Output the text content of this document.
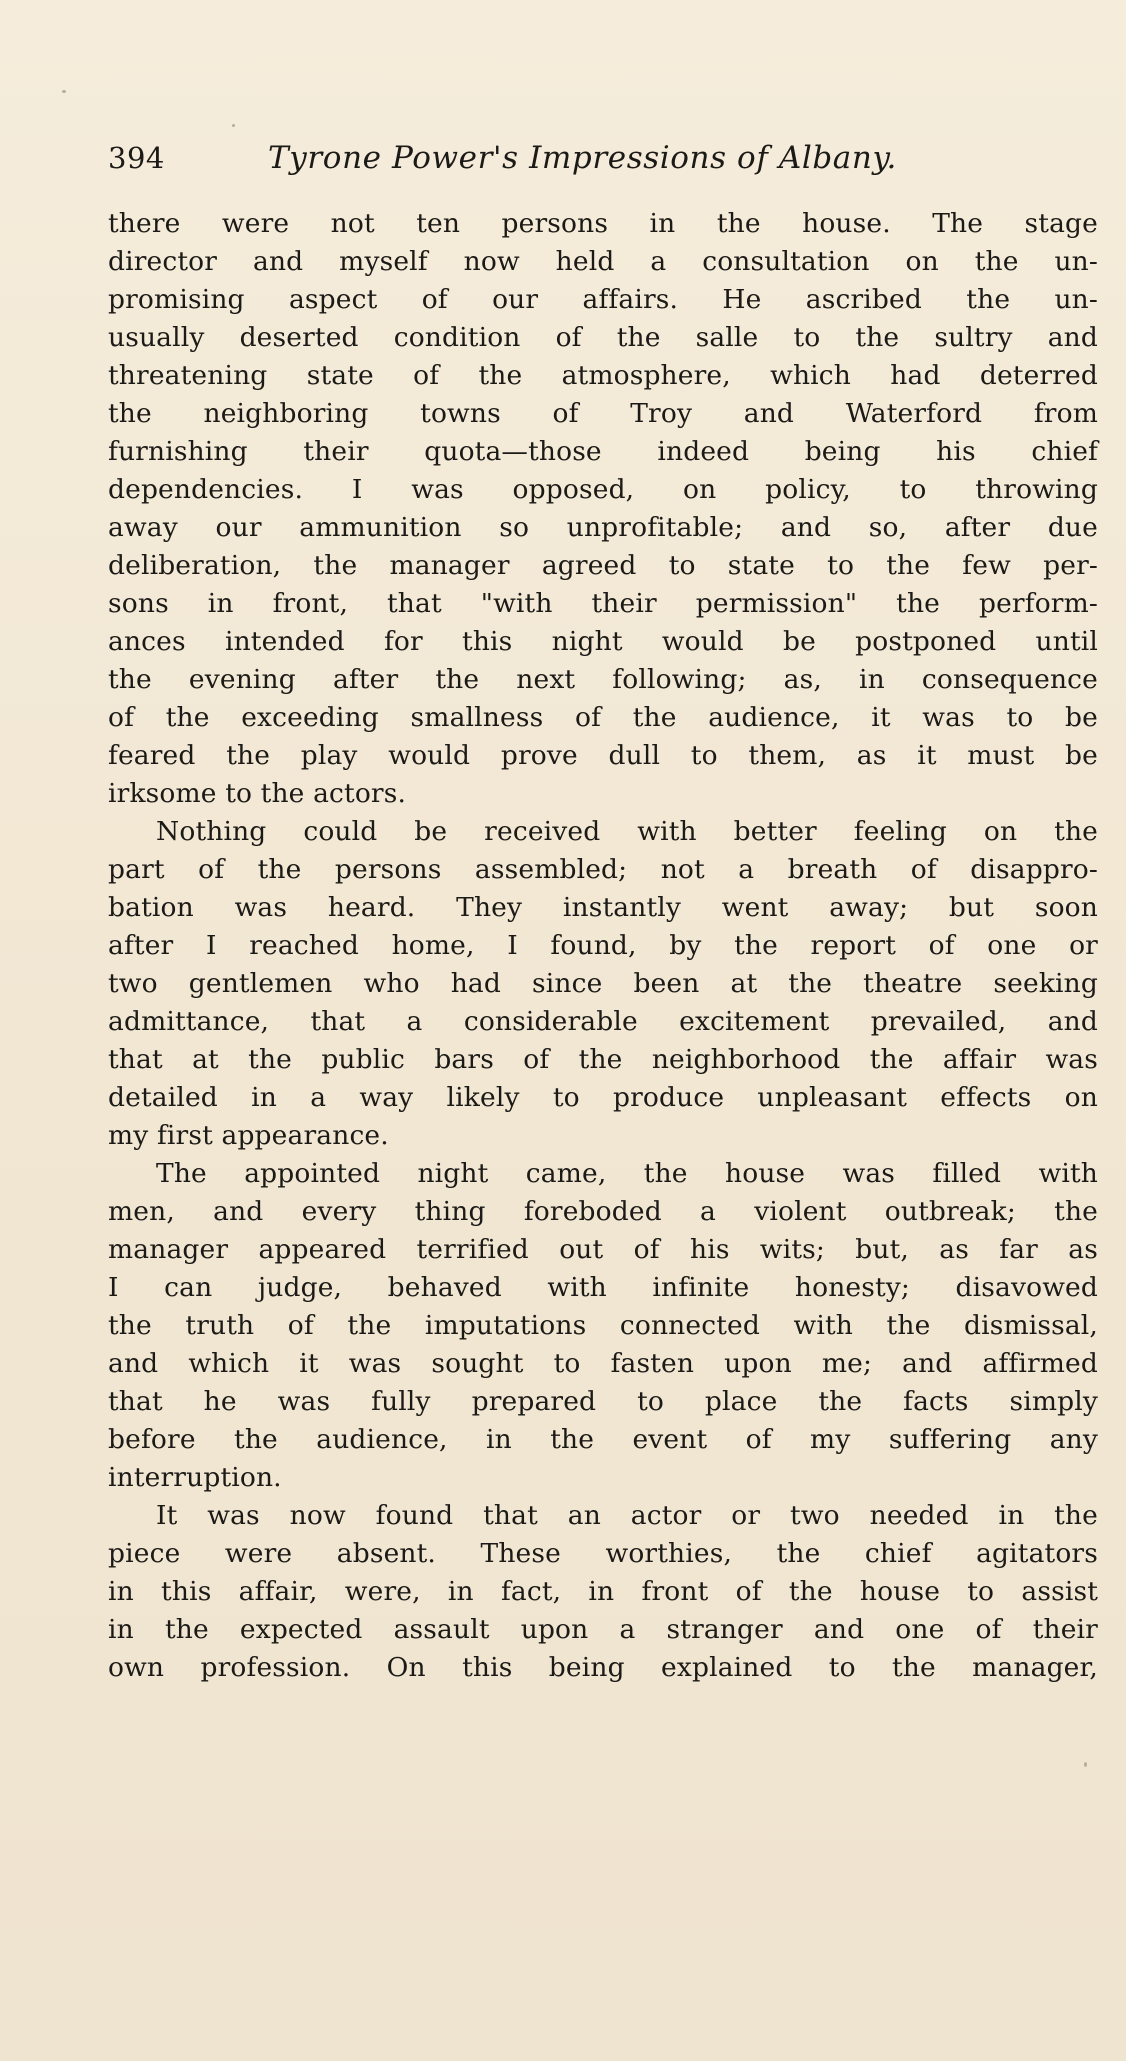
394	Tyrone Power's Impressions of Albany.
there were not ten persons in the house. The stage
director and myself now held a consultation on the un-
promising aspect of our affairs. He ascribed the un-
usually deserted condition of the salle to the sultry and
threatening state of the atmosphere, which had deterred
the neighboring towns of Troy and Waterford from
furnishing their quota—those indeed being his chief
dependencies. I was opposed, on policy, to throwing
away our ammunition so unprofitable; and so, after due
deliberation, the manager agreed to state to the few per-
sons in front, that "with their permission" the perform-
ances intended for this night would be postponed until
the evening after the next following; as, in consequence
of the exceeding smallness of the audience, it was to be
feared the play would prove dull to them, as it must be
irksome to the actors.
Nothing could be received with better feeling on the
part of the persons assembled; not a breath of disappro-
bation was heard. They instantly went away; but soon
after I reached home, I found, by the report of one or
two gentlemen who had since been at the theatre seeking
admittance, that a considerable excitement prevailed, and
that at the public bars of the neighborhood the affair was
detailed in a way likely to produce unpleasant effects on
my first appearance.
The appointed night came, the house was filled with
men, and every thing foreboded a violent outbreak; the
manager appeared terrified out of his wits; but, as far as
I can judge, behaved with infinite honesty; disavowed
the truth of the imputations connected with the dismissal,
and which it was sought to fasten upon me; and affirmed
that he was fully prepared to place the facts simply
before the audience, in the event of my suffering any
interruption.
It was now found that an actor or two needed in the
piece were absent. These worthies, the chief agitators
in this affair, were, in fact, in front of the house to assist
in the expected assault upon a stranger and one of their
own profession. On this being explained to the manager,
